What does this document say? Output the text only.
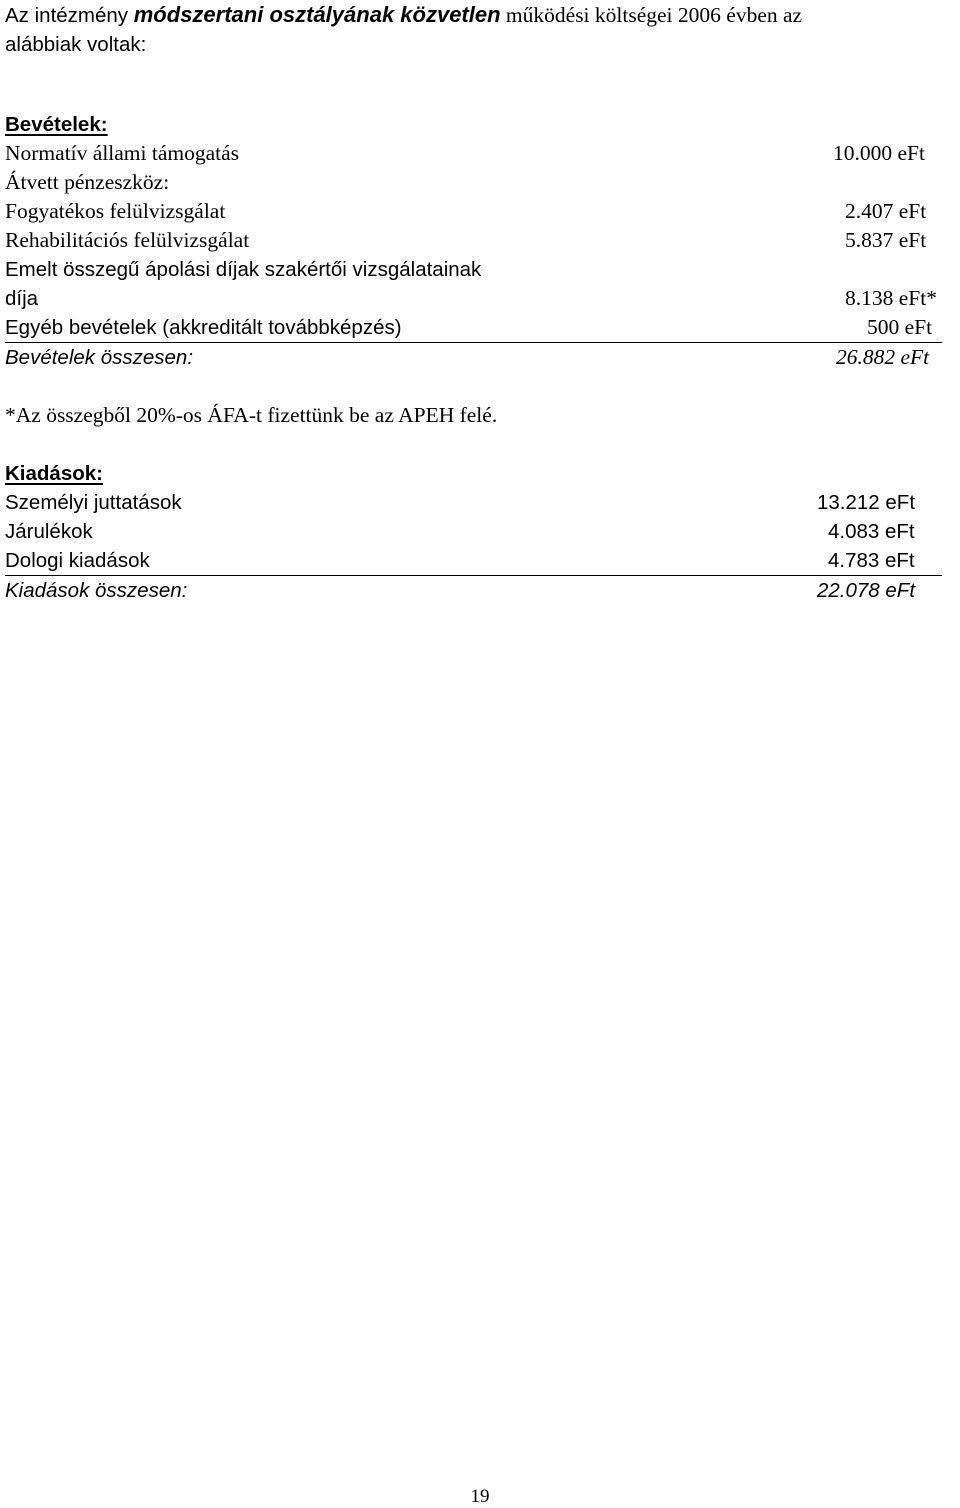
Az intézmény módszertani osztályának közvetlen működési költségei 2006 évben az
alábbiak voltak:
Bevételek:
Normatív állami támogatás	10.000 eFt
Átvett pénzeszköz:
Fogyatékos felülvizsgálat	2.407 eFt
Rehabilitációs felülvizsgálat	5.837 eFt
Emelt összegű ápolási díjak szakértői vizsgálatainak
díja	8.138 eFt*
Egyéb bevételek (akkreditált továbbképzés)	500 eFt
Bevételek összesen:	26.882 eFt
*Az összegből 20%-os ÁFA-t fizettünk be az APEH felé.
Kiadások:
Személyi juttatások	13.212 eFt
Járulékok	4.083 eFt
Dologi kiadások	4.783 eFt
Kiadások összesen:	22.078 eFt
19
